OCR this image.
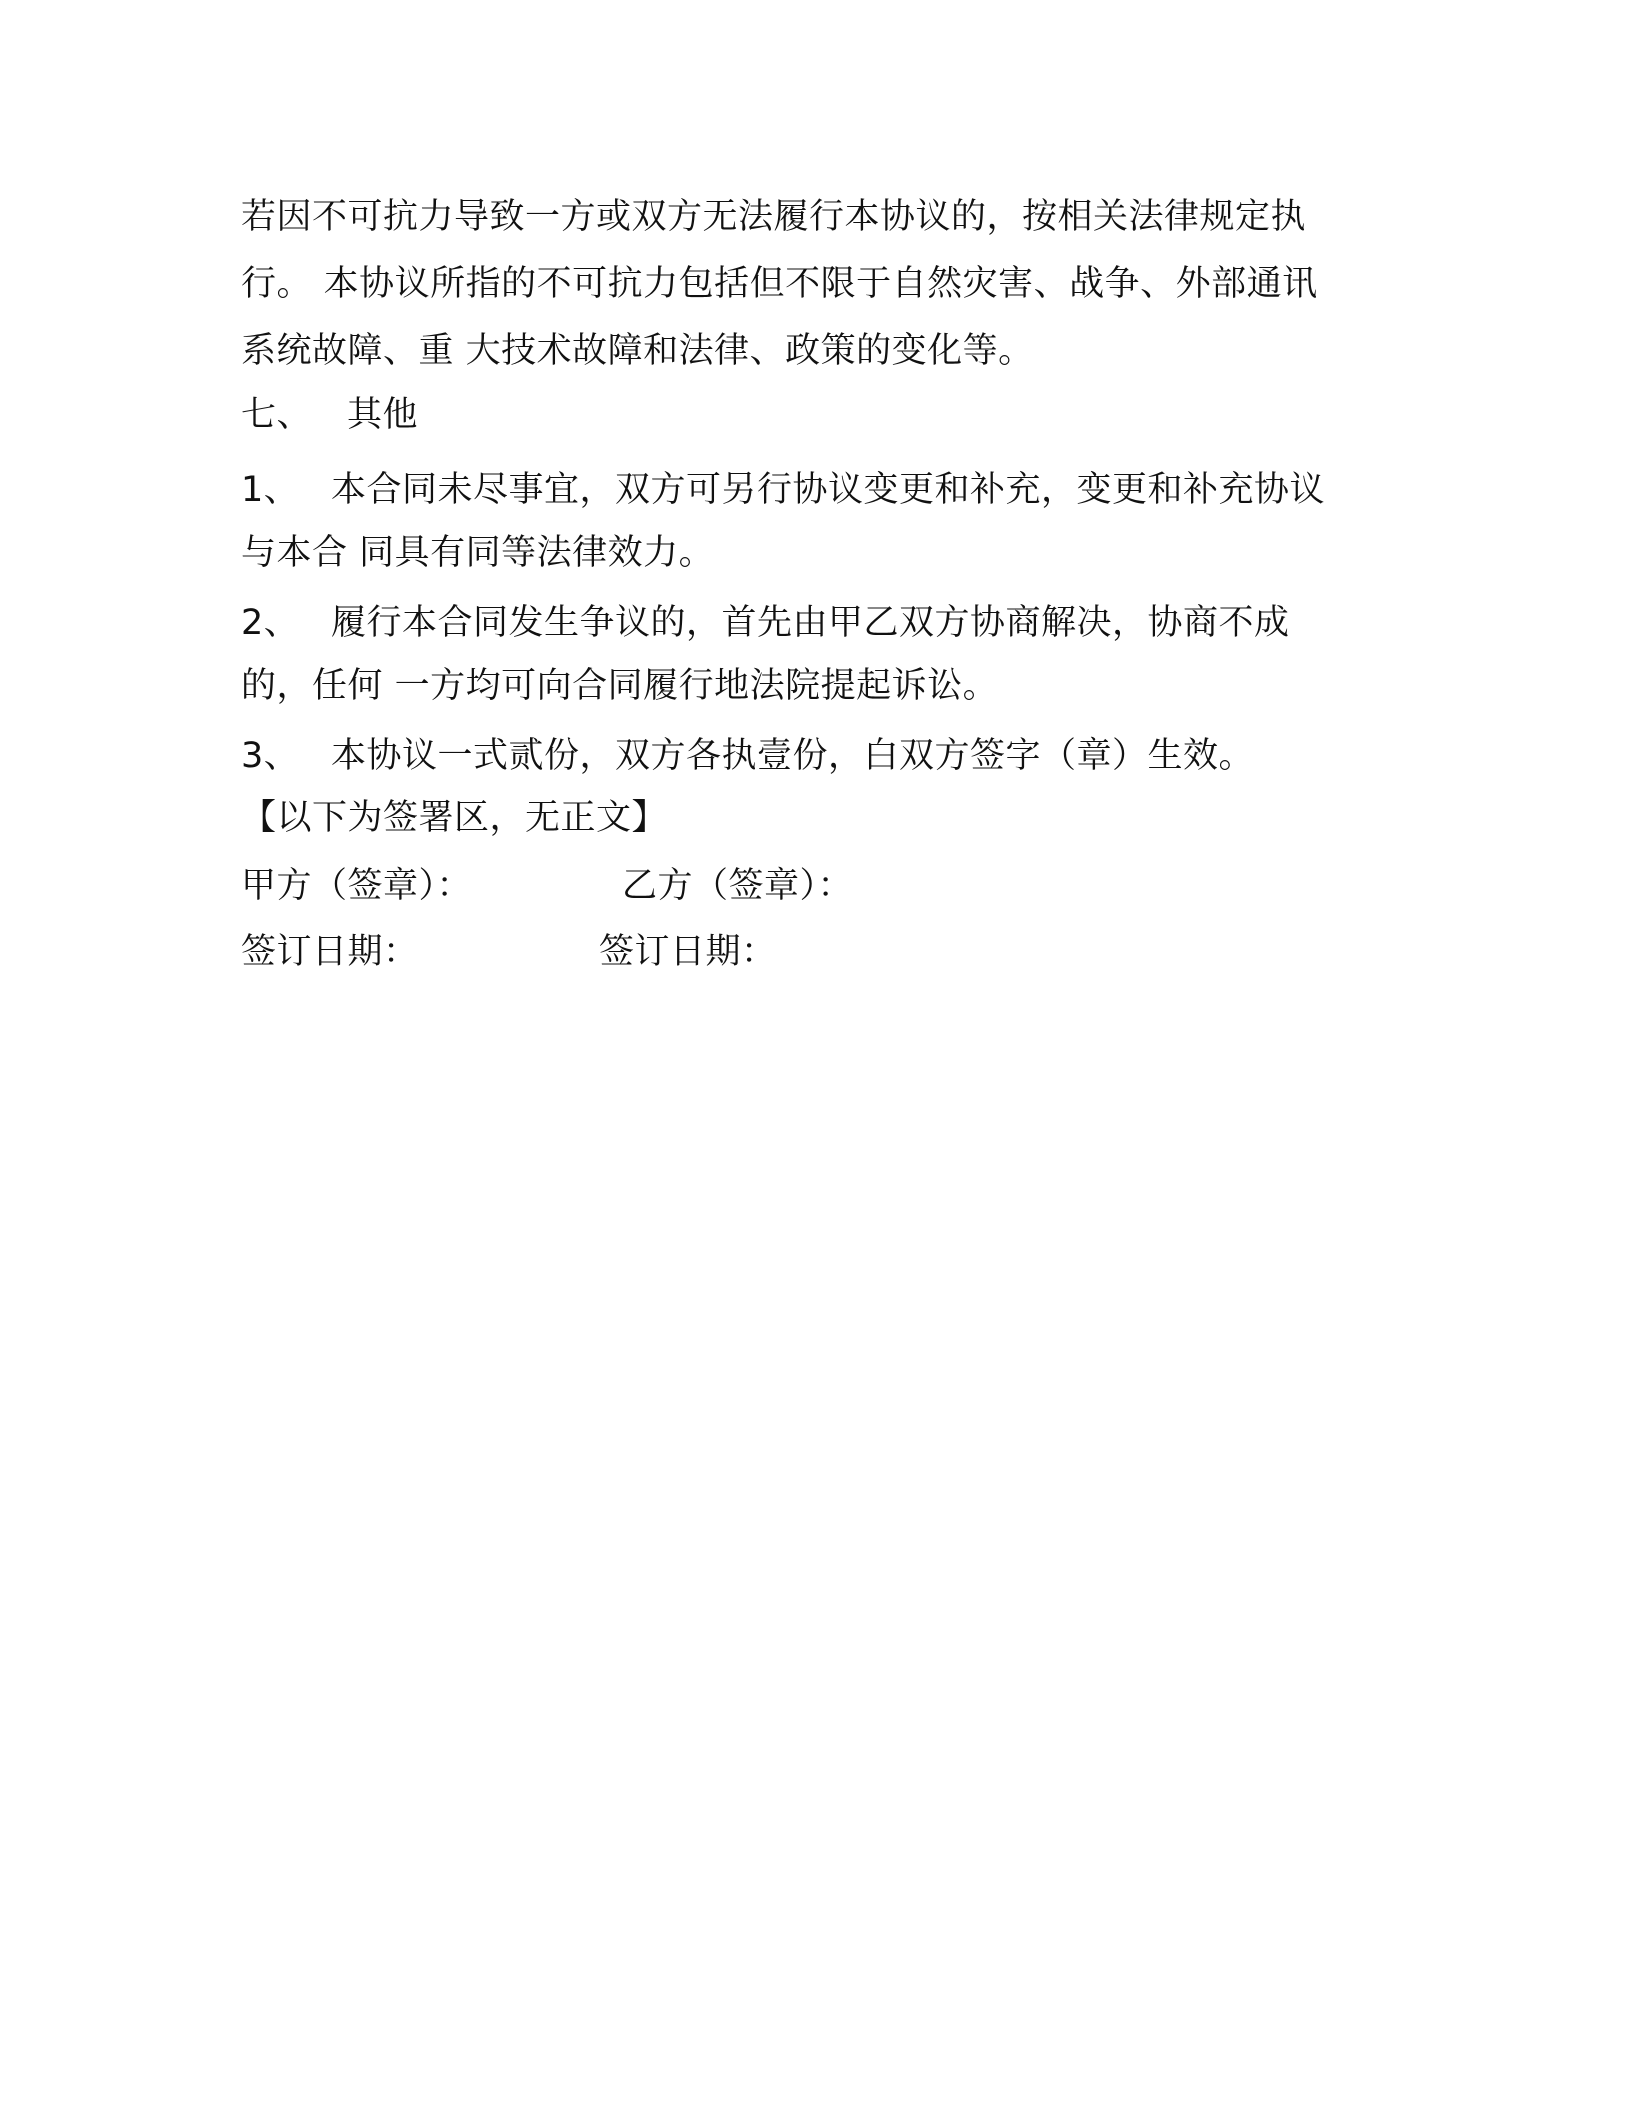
若因不可抗力导致一方或双方无法履行本协议的，按相关法律规定执
行。 本协议所指的不可抗力包括但不限于自然灾害、战争、外部通讯
系统故障、重 大技术故障和法律、政策的变化等。
七、 其他
1、 本合同未尽事宜，双方可另行协议变更和补充，变更和补充协议
与本合 同具有同等法律效力。
2、 履行本合同发生争议的，首先由甲乙双方协商解决，协商不成
的，任何 一方均可向合同履行地法院提起诉讼。
3、 本协议一式贰份，双方各执壹份，白双方签字（章）生效。
【以下为签署区，无正文】
甲方（签章）：	乙方（签章）：
签订日期：	签订日期：
